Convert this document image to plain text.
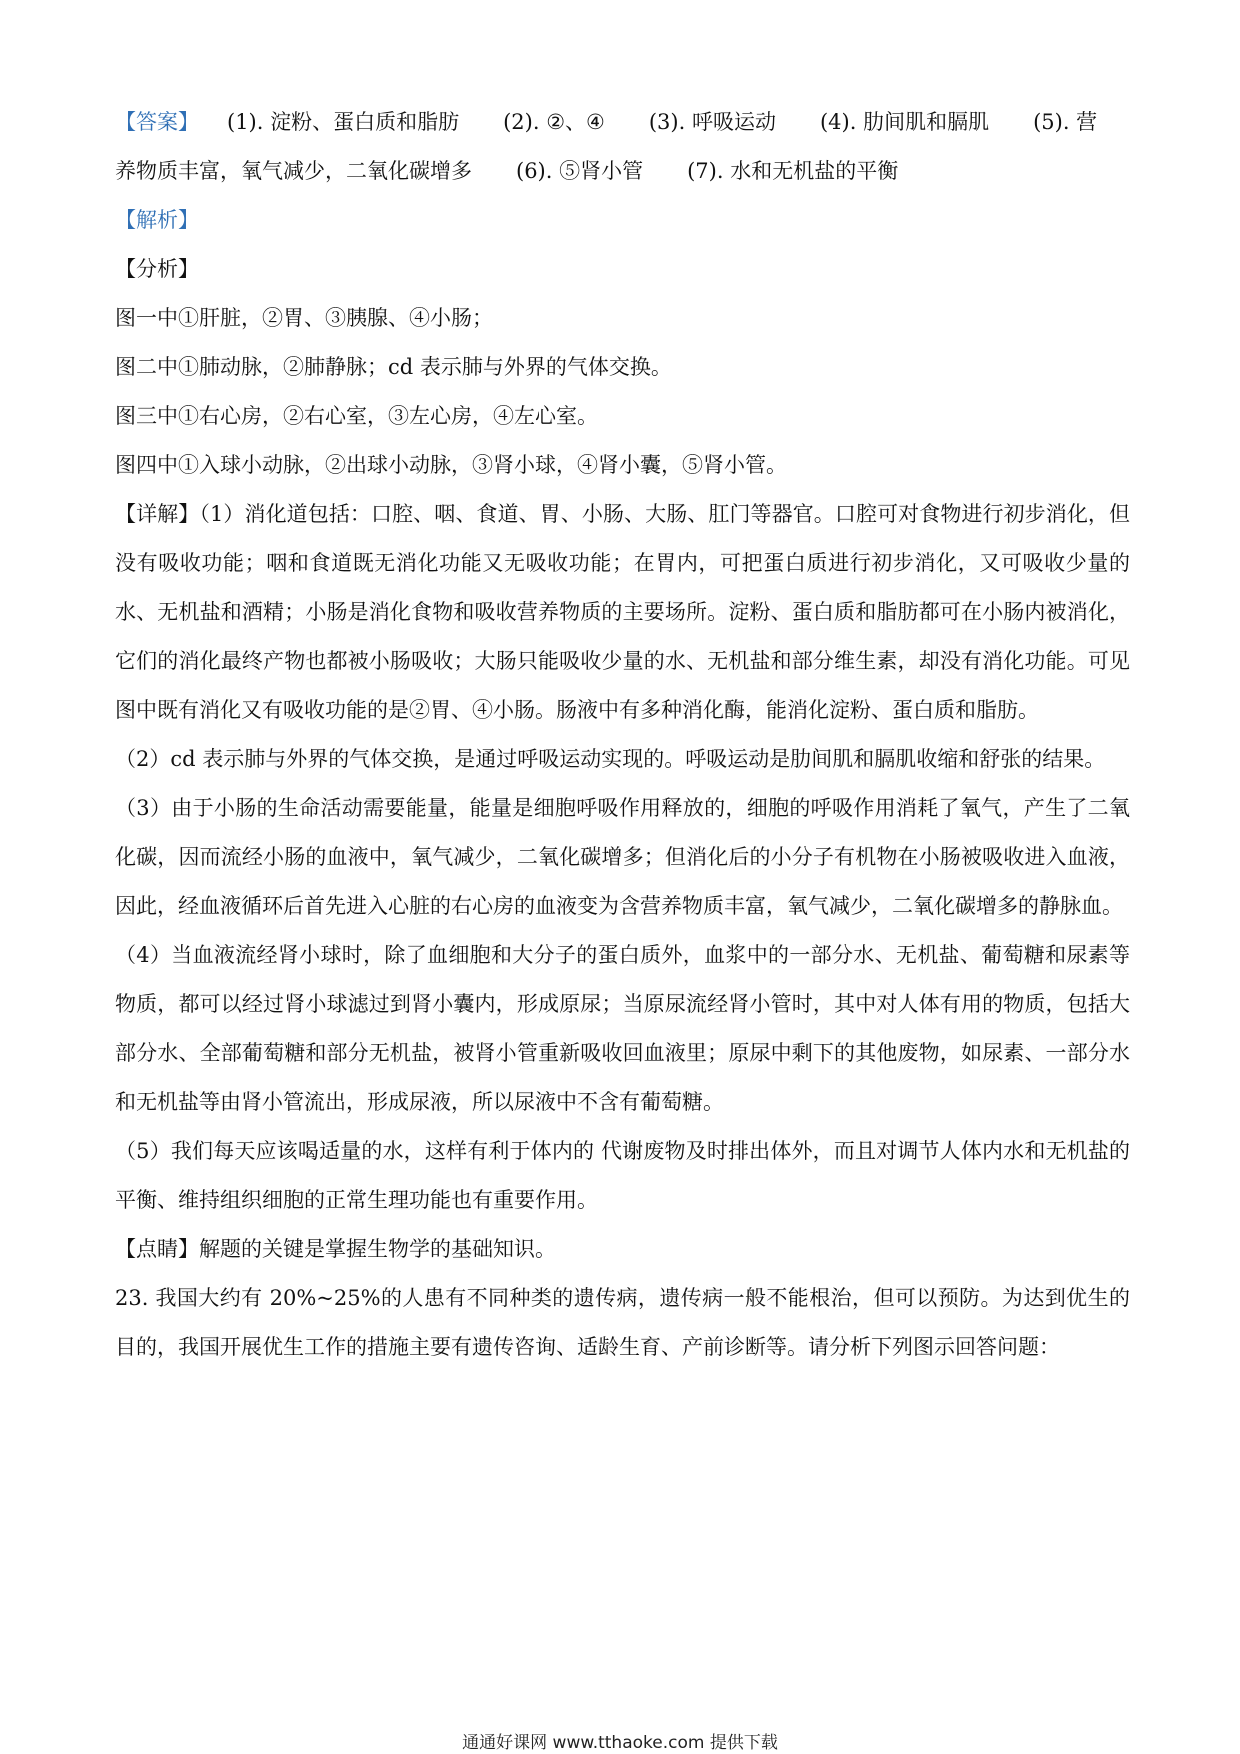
【答案】 (1). 淀粉、蛋白质和脂肪 (2). ②、④ (3). 呼吸运动 (4). 肋间肌和膈肌 (5). 营

养物质丰富，氧气减少，二氧化碳增多 (6). ⑤肾小管 (7). 水和无机盐的平衡

【解析】

【分析】

图一中①肝脏，②胃、③胰腺、④小肠；

图二中①肺动脉，②肺静脉；cd 表示肺与外界的气体交换。

图三中①右心房，②右心室，③左心房，④左心室。

图四中①入球小动脉，②出球小动脉，③肾小球，④肾小囊，⑤肾小管。

【详解】（1）消化道包括：口腔、咽、食道、胃、小肠、大肠、肛门等器官。口腔可对食物进行初步消化，但没有吸收功能；咽和食道既无消化功能又无吸收功能；在胃内，可把蛋白质进行初步消化，又可吸收少量的水、无机盐和酒精；小肠是消化食物和吸收营养物质的主要场所。淀粉、蛋白质和脂肪都可在小肠内被消化，它们的消化最终产物也都被小肠吸收；大肠只能吸收少量的水、无机盐和部分维生素，却没有消化功能。可见图中既有消化又有吸收功能的是②胃、④小肠。肠液中有多种消化酶，能消化淀粉、蛋白质和脂肪。

（2）cd 表示肺与外界的气体交换，是通过呼吸运动实现的。呼吸运动是肋间肌和膈肌收缩和舒张的结果。

（3）由于小肠的生命活动需要能量，能量是细胞呼吸作用释放的，细胞的呼吸作用消耗了氧气，产生了二氧化碳，因而流经小肠的血液中，氧气减少，二氧化碳增多；但消化后的小分子有机物在小肠被吸收进入血液，因此，经血液循环后首先进入心脏的右心房的血液变为含营养物质丰富，氧气减少，二氧化碳增多的静脉血。

（4）当血液流经肾小球时，除了血细胞和大分子的蛋白质外，血浆中的一部分水、无机盐、葡萄糖和尿素等物质，都可以经过肾小球滤过到肾小囊内，形成原尿；当原尿流经肾小管时，其中对人体有用的物质，包括大部分水、全部葡萄糖和部分无机盐，被肾小管重新吸收回血液里；原尿中剩下的其他废物，如尿素、一部分水和无机盐等由肾小管流出，形成尿液，所以尿液中不含有葡萄糖。

（5）我们每天应该喝适量的水，这样有利于体内的 代谢废物及时排出体外，而且对调节人体内水和无机盐的平衡、维持组织细胞的正常生理功能也有重要作用。

【点睛】解题的关键是掌握生物学的基础知识。

23. 我国大约有 20%~25%的人患有不同种类的遗传病，遗传病一般不能根治，但可以预防。为达到优生的目的，我国开展优生工作的措施主要有遗传咨询、适龄生育、产前诊断等。请分析下列图示回答问题：

通通好课网 www.tthaoke.com 提供下载
